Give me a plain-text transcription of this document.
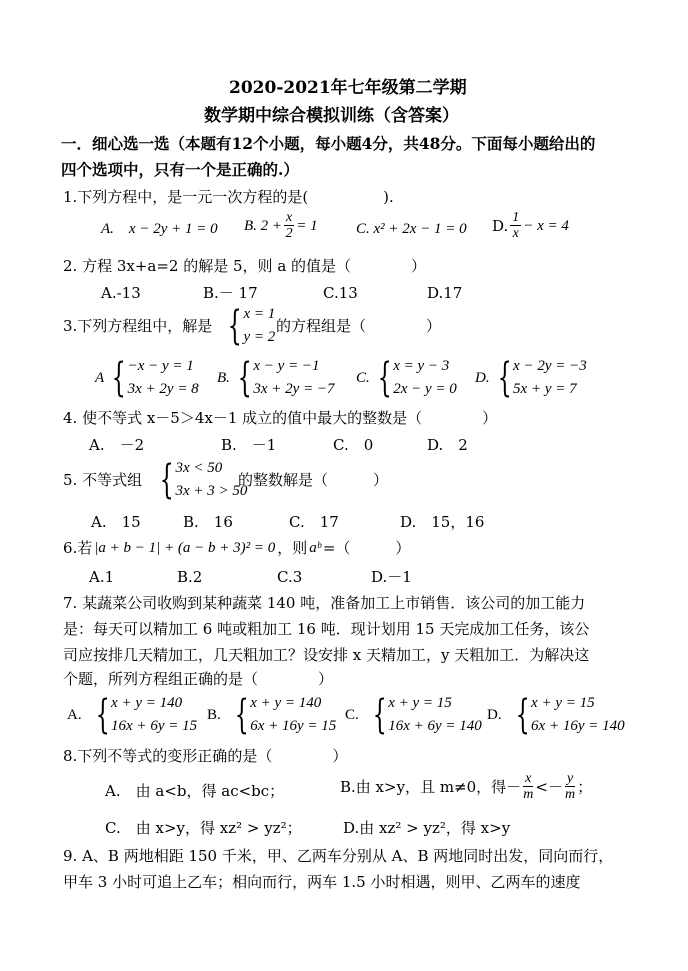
2020-2021年七年级第二学期
数学期中综合模拟训练（含答案）
一．细心选一选（本题有12个小题，每小题4分，共48分。下面每小题给出的
四个选项中，只有一个是正确的.）
1.下列方程中，是一元一次方程的是(　　　　　).
A.　x − 2y + 1 = 0 B. $2 + \frac{x}{2} = 1$	C. x² + 2x − 1 = 0 D. $\frac{1}{x} - x = 4$
2. 方程 3x+a=2 的解是 5，则 a 的值是（　　　　）
A.-13	B.－ 17	C.13	D.17
3.下列方程组中，解是 { x = 1
y = 2
的方程组是（　　　　）
A { −x − y = 1
3x + 2y = 8
B. { x − y = −1
3x + 2y = −7
C. { x = y − 3
2x − y = 0
D. { x − 2y = −3
5x + y = 7
4. 使不等式 x－5＞4x－1 成立的值中最大的整数是（　　　　）
A.　－2	B.　－1	C.　0	D.　2
5. 不等式组 { 3x < 50
3x + 3 > 50
的整数解是（　　　）
A.　15	B.　16	C.　17	D.　15，16
6.若 |a + b − 1| + (a − b + 3)² = 0 ，则 aᵇ =（　　　）
A.1	B.2	C.3	D.－1
7. 某蔬菜公司收购到某种蔬菜 140 吨，准备加工上市销售．该公司的加工能力
是：每天可以精加工 6 吨或粗加工 16 吨．现计划用 15 天完成加工任务，该公
司应按排几天精加工，几天粗加工？设安排 x 天精加工，y 天粗加工．为解决这
个题，所列方程组正确的是（　　　　）
A. { x + y = 140
16x + 6y = 15
B. { x + y = 140
6x + 16y = 15
C. { x + y = 15
16x + 6y = 140
D. { x + y = 15
6x + 16y = 140
8.下列不等式的变形正确的是（　　　　）
A.　由 a<b，得 ac<bc；	B.由 x>y，且 m≠0，得－ $\frac{x}{m} <- \frac{y}{m}$ ；
C.　由 x>y，得 xz² > yz²；	D.由 xz² > yz²，得 x>y
9. A、B 两地相距 150 千米，甲、乙两车分别从 A、B 两地同时出发，同向而行，
甲车 3 小时可追上乙车；相向而行，两车 1.5 小时相遇，则甲、乙两车的速度
